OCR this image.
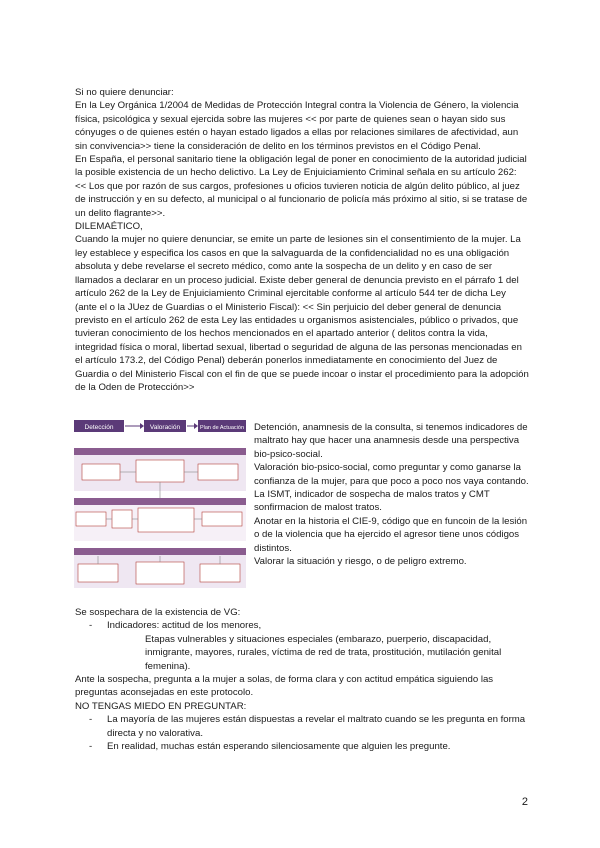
Si no quiere denunciar:

En la Ley Orgánica 1/2004 de Medidas de Protección Integral contra la Violencia de Género, la violencia física, psicológica y sexual ejercida sobre las mujeres << por parte de quienes sean o hayan sido sus cónyuges o de quienes estén o hayan estado ligados a ellas por relaciones similares de afectividad, aun sin convivencia>> tiene la consideración de delito en los términos previstos en el Código Penal.

En España, el personal sanitario tiene la obligación legal de poner en conocimiento de la autoridad judicial la posible existencia de un hecho delictivo. La Ley de Enjuiciamiento Criminal señala en su artículo 262: << Los que por razón de sus cargos, profesiones u oficios tuvieren noticia de algún delito público, al juez de instrucción y en su defecto, al municipal o al funcionario de policía más próximo al sitio, si se tratase de un delito flagrante>>.

DILEMAÉTICO,

Cuando la mujer no quiere denunciar, se emite un parte de lesiones sin el consentimiento de la mujer. La ley establece y especifica los casos en que la salvaguarda de la confidencialidad no es una obligación absoluta y debe revelarse el secreto médico, como ante la sospecha de un delito y en caso de ser llamados a declarar en un proceso judicial. Existe deber general de denuncia previsto en el párrafo 1 del artículo 262 de la Ley de Enjuiciamiento Criminal ejercitable conforme al artículo 544 ter de dicha Ley (ante el o la JUez de Guardias o el Ministerio Fiscal): << Sin perjuicio del deber general de denuncia previsto en el artículo 262 de esta Ley las entidades u organismos asistenciales, público o privados, que tuvieran conocimiento de los hechos mencionados en el apartado anterior ( delitos contra la vida, integridad física o moral, libertad sexual, libertad o seguridad de alguna de las personas mencionadas en el artículo 173.2, del Código Penal) deberán ponerlos inmediatamente en conocimiento del Juez de Guardia o del Ministerio Fiscal con el fin de que se puede incoar o instar el procedimiento para la adopción de la Oden de Protección>>

Detección	Valoración	Plan de Actuación Detención, anamnesis de la consulta, si tenemos indicadores de maltrato hay que hacer una anamnesis desde una perspectiva bio-psico-social.

Valoración bio-psico-social, como preguntar y como ganarse la confianza de la mujer, para que poco a poco nos vaya contando.

La ISMT, indicador de sospecha de malos tratos y CMT sonfirmacion de malost tratos.

Anotar en la historia el CIE-9, código que en funcoin de la lesión o de la violencia que ha ejercido el agresor tiene unos códigos distintos.

Valorar la situación y riesgo, o de peligro extremo.

Se sospechara de la existencia de VG:

- Indicadores: actitud de los menores,

Etapas vulnerables y situaciones especiales (embarazo, puerperio, discapacidad, inmigrante, mayores, rurales, víctima de red de trata, prostitución, mutilación genital femenina).

Ante la sospecha, pregunta a la mujer a solas, de forma clara y con actitud empática siguiendo las preguntas aconsejadas en este protocolo.

NO TENGAS MIEDO EN PREGUNTAR:

- La mayoría de las mujeres están dispuestas a revelar el maltrato cuando se les pregunta en forma directa y no valorativa.
- En realidad, muchas están esperando silenciosamente que alguien les pregunte.
2
